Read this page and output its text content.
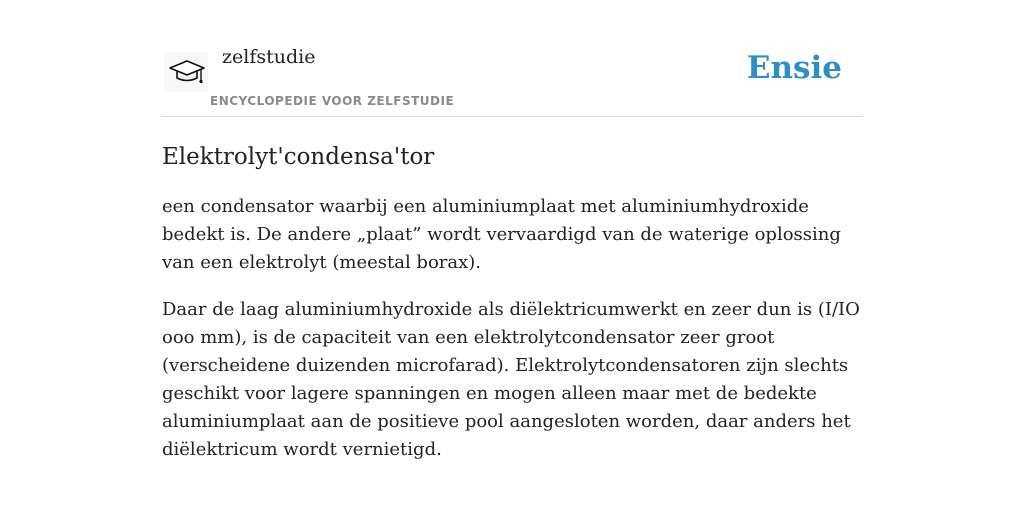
zelfstudie
ENCYCLOPEDIE VOOR ZELFSTUDIE
Ensie
Elektrolyt'condensa'tor

een condensator waarbij een aluminiumplaat met aluminiumhydroxide bedekt is. De andere „plaat” wordt vervaardigd van de waterige oplossing van een elektrolyt (meestal borax).

Daar de laag aluminiumhydroxide als diëlektricumwerkt en zeer dun is (I/IO ooo mm), is de capaciteit van een elektrolytcondensator zeer groot (verscheidene duizenden microfarad). Elektrolytcondensatoren zijn slechts geschikt voor lagere spanningen en mogen alleen maar met de bedekte aluminiumplaat aan de positieve pool aangesloten worden, daar anders het diëlektricum wordt vernietigd.
